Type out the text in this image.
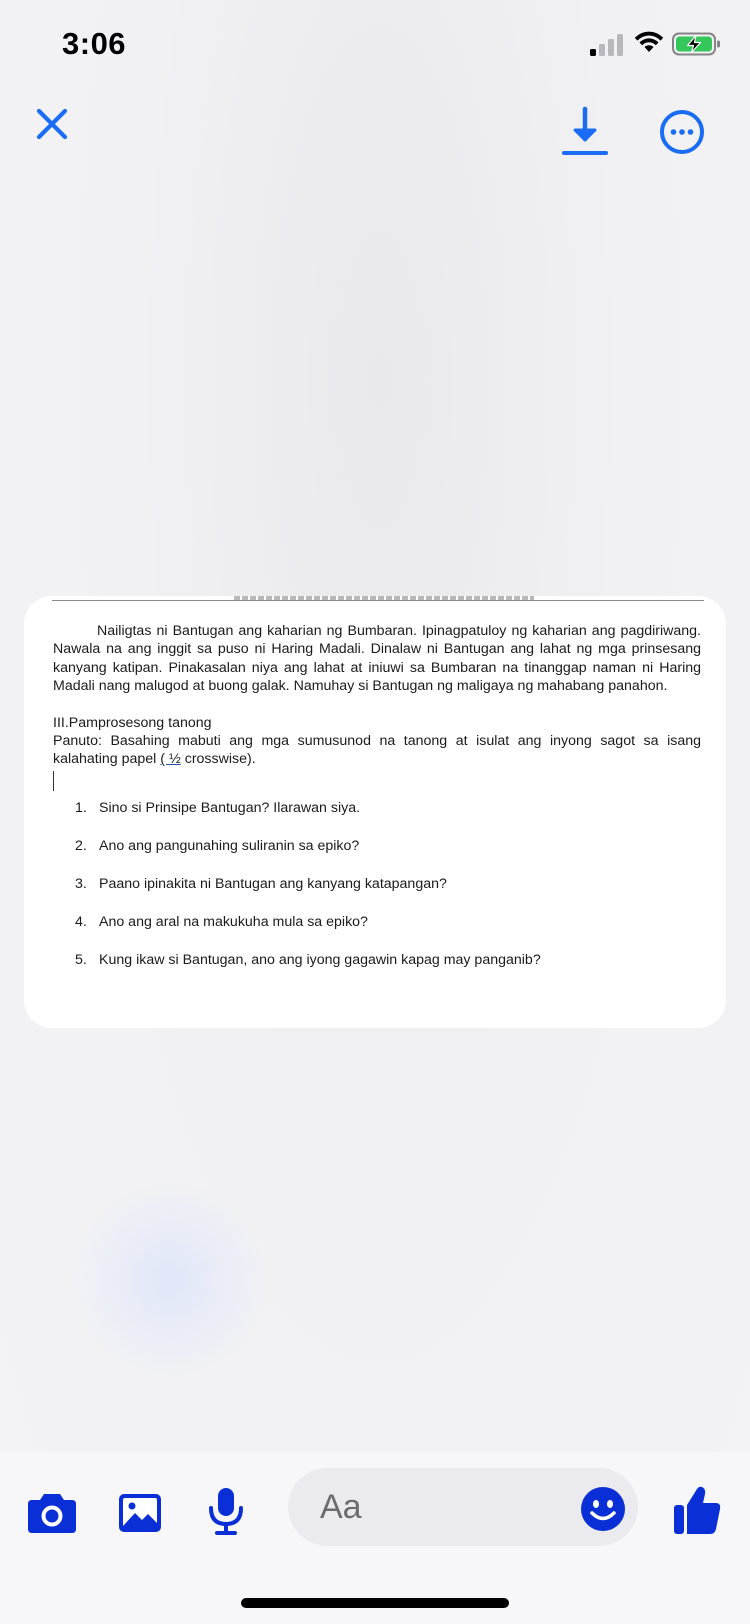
3:06

Nailigtas ni Bantugan ang kaharian ng Bumbaran. Ipinagpatuloy ng kaharian ang pagdiriwang. Nawala na ang inggit sa puso ni Haring Madali. Dinalaw ni Bantugan ang lahat ng mga prinsesang kanyang katipan. Pinakasalan niya ang lahat at iniuwi sa Bumbaran na tinanggap naman ni Haring Madali nang malugod at buong galak. Namuhay si Bantugan ng maligaya ng mahabang panahon.

III.Pamprosesong tanong

Panuto: Basahing mabuti ang mga sumusunod na tanong at isulat ang inyong sagot sa isang kalahating papel ( ½ crosswise).

1. Sino si Prinsipe Bantugan? Ilarawan siya.
2. Ano ang pangunahing suliranin sa epiko?
3. Paano ipinakita ni Bantugan ang kanyang katapangan?
4. Ano ang aral na makukuha mula sa epiko?
5. Kung ikaw si Bantugan, ano ang iyong gagawin kapag may panganib?
Aa
